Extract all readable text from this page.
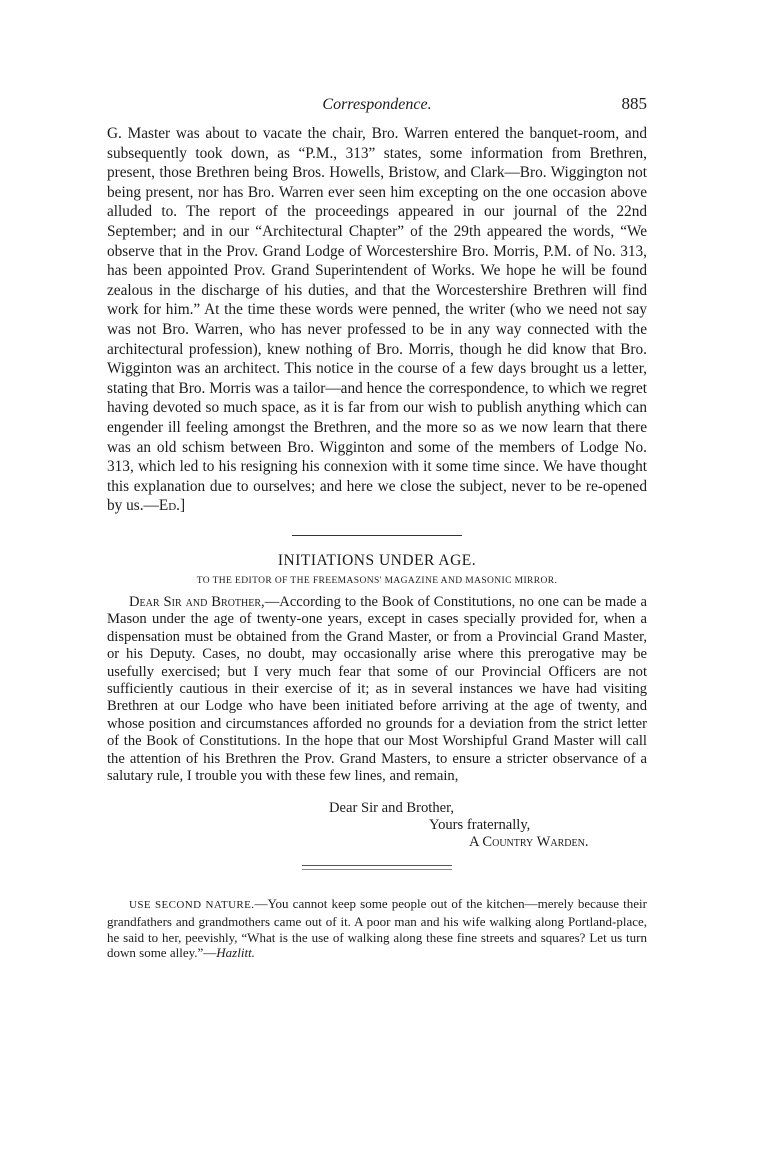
Correspondence.	885

G. Master was about to vacate the chair, Bro. Warren entered the banquet-room, and subsequently took down, as “P.M., 313” states, some information from Brethren, present, those Brethren being Bros. Howells, Bristow, and Clark—Bro. Wiggington not being present, nor has Bro. Warren ever seen him excepting on the one occasion above alluded to. The report of the proceedings appeared in our journal of the 22nd September; and in our “Architectural Chapter” of the 29th appeared the words, “We observe that in the Prov. Grand Lodge of Worcestershire Bro. Morris, P.M. of No. 313, has been appointed Prov. Grand Superintendent of Works. We hope he will be found zealous in the discharge of his duties, and that the Worcestershire Brethren will find work for him.” At the time these words were penned, the writer (who we need not say was not Bro. Warren, who has never professed to be in any way connected with the architectural profession), knew nothing of Bro. Morris, though he did know that Bro. Wigginton was an architect. This notice in the course of a few days brought us a letter, stating that Bro. Morris was a tailor—and hence the correspondence, to which we regret having devoted so much space, as it is far from our wish to publish anything which can engender ill feeling amongst the Brethren, and the more so as we now learn that there was an old schism between Bro. Wigginton and some of the members of Lodge No. 313, which led to his resigning his connexion with it some time since. We have thought this explanation due to ourselves; and here we close the subject, never to be re-opened by us.—Ed.]

INITIATIONS UNDER AGE.
TO THE EDITOR OF THE FREEMASONS' MAGAZINE AND MASONIC MIRROR.

Dear Sir and Brother,—According to the Book of Constitutions, no one can be made a Mason under the age of twenty-one years, except in cases specially provided for, when a dispensation must be obtained from the Grand Master, or from a Provincial Grand Master, or his Deputy. Cases, no doubt, may occasionally arise where this prerogative may be usefully exercised; but I very much fear that some of our Provincial Officers are not sufficiently cautious in their exercise of it; as in several instances we have had visiting Brethren at our Lodge who have been initiated before arriving at the age of twenty, and whose position and circumstances afforded no grounds for a deviation from the strict letter of the Book of Constitutions. In the hope that our Most Worshipful Grand Master will call the attention of his Brethren the Prov. Grand Masters, to ensure a stricter observance of a salutary rule, I trouble you with these few lines, and remain,

Dear Sir and Brother,
Yours fraternally,
A Country Warden.

USE SECOND NATURE.—You cannot keep some people out of the kitchen—merely because their grandfathers and grandmothers came out of it. A poor man and his wife walking along Portland-place, he said to her, peevishly, “What is the use of walking along these fine streets and squares? Let us turn down some alley.”—Hazlitt.
